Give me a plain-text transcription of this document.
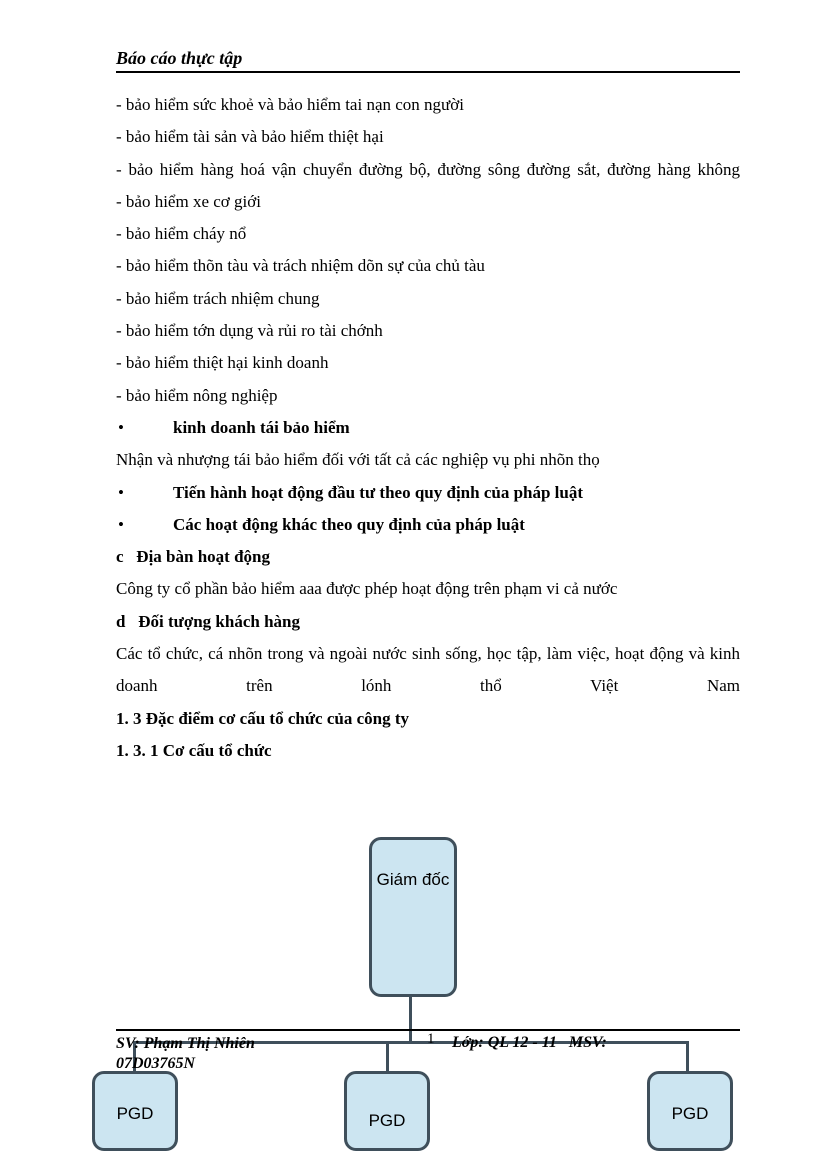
Báo cáo thực tập
- bảo hiểm sức khoẻ và bảo hiểm tai nạn con người
- bảo hiểm tài sản và bảo hiểm thiệt hại
- bảo hiểm hàng hoá vận chuyển đường bộ, đường sông đường sắt, đường hàng không
- bảo hiểm xe cơ giới
- bảo hiểm cháy nổ
- bảo hiểm thõn tàu và trách nhiệm dõn sự của chủ tàu
- bảo hiểm trách nhiệm chung
- bảo hiểm tớn dụng và rủi ro tài chớnh
- bảo hiểm thiệt hại kinh doanh
- bảo hiểm nông nghiệp
•	kinh doanh tái bảo hiểm
Nhận và nhượng tái bảo hiểm đối với tất cả các nghiệp vụ phi nhõn thọ
•	Tiến hành hoạt động đầu tư theo quy định của pháp luật
•	Các hoạt động khác theo quy định của pháp luật
c   Địa bàn hoạt động
Công ty cổ phần bảo hiểm aaa được phép hoạt động trên phạm vi cả nước
d   Đối tượng khách hàng
Các tổ chức, cá nhõn trong và ngoài nước sinh sống, học tập, làm việc, hoạt động và kinh doanh trên lónh thổ Việt Nam
1. 3 Đặc điểm cơ cấu tổ chức của công ty
1. 3. 1 Cơ cấu tổ chức
Giám đốc
PGD	PGD	PGD
SV: Phạm Thị Nhiên 07D03765N
1 Lớp: QL 12 - 11   MSV:
